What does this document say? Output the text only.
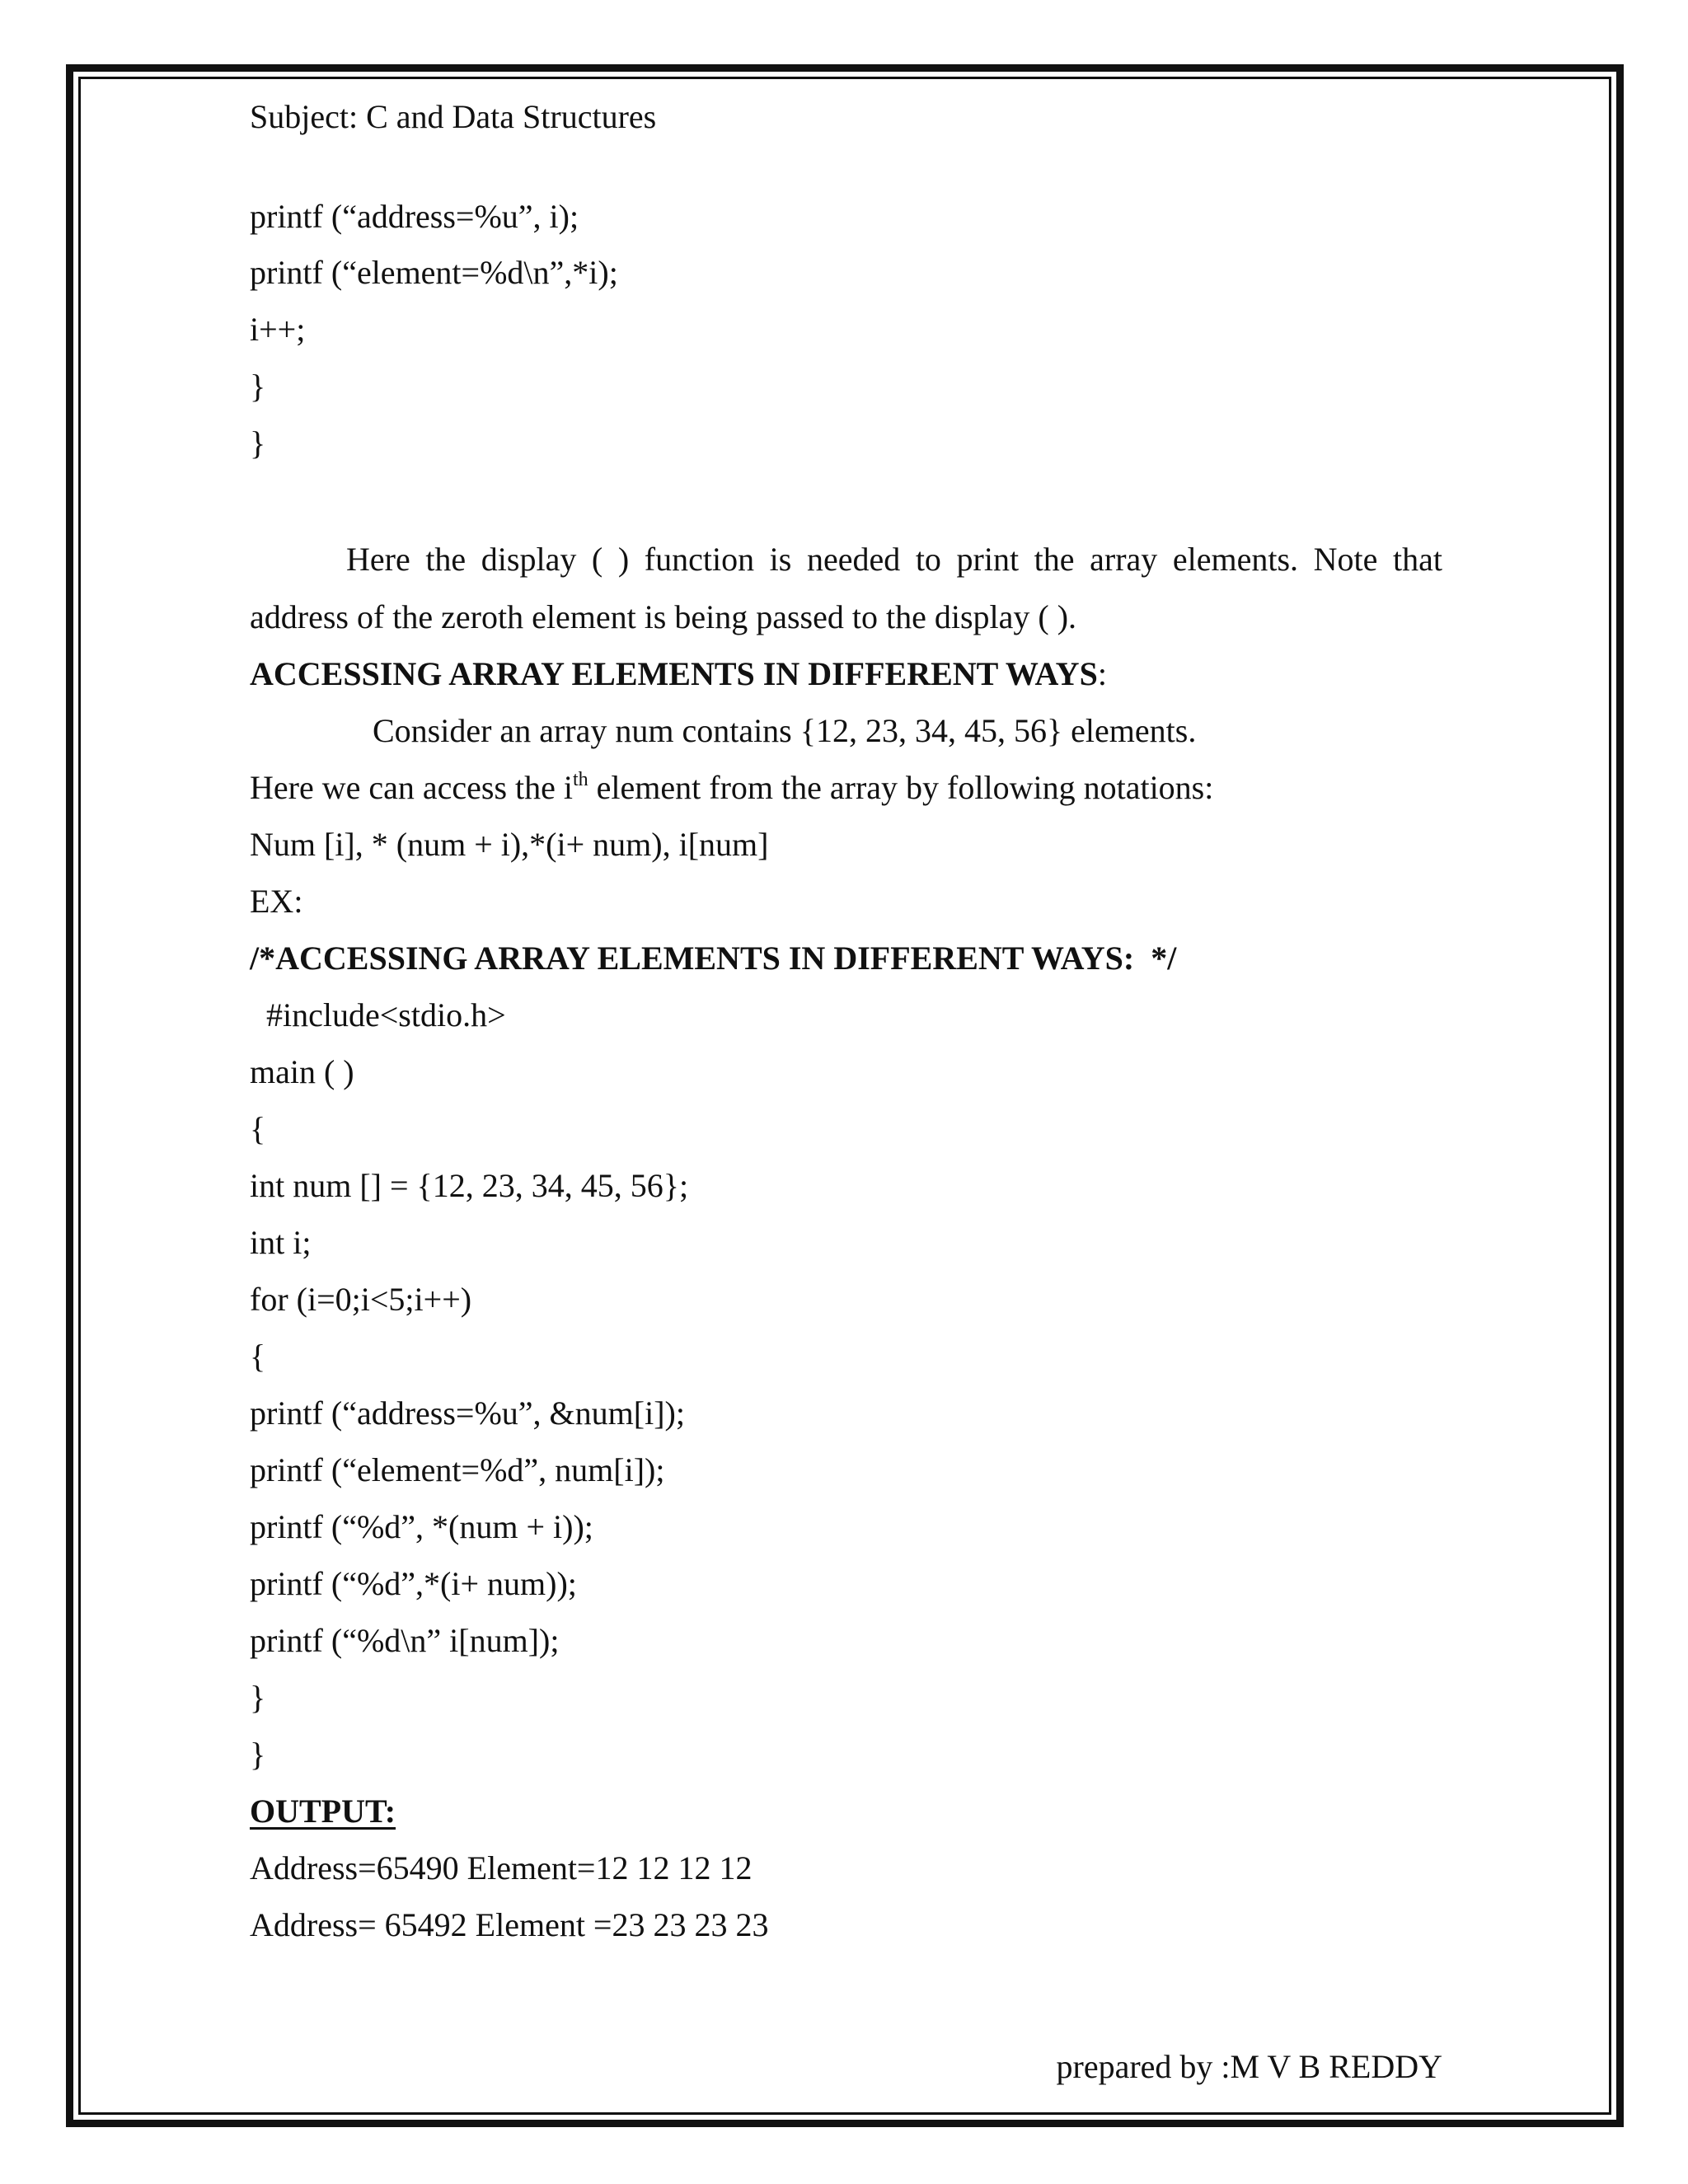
Subject: C and Data Structures
printf (“address=%u”, i);
printf (“element=%d\n”,*i);
i++;
}
}
Here the display ( ) function is needed to print the array elements. Note that
address of the zeroth element is being passed to the display ( ).
ACCESSING ARRAY ELEMENTS IN DIFFERENT WAYS:
Consider an array num contains {12, 23, 34, 45, 56} elements.
Here we can access the $i^{th}$ element from the array by following notations:
Num [i], * (num + i),*(i+ num), i[num]
EX:
/*ACCESSING ARRAY ELEMENTS IN DIFFERENT WAYS:  */
#include<stdio.h>
main ( )
{
int num [] = {12, 23, 34, 45, 56};
int i;
for (i=0;i<5;i++)
{
printf (“address=%u”, &num[i]);
printf (“element=%d”, num[i]);
printf (“%d”, *(num + i));
printf (“%d”,*(i+ num));
printf (“%d\n” i[num]);
}
}
OUTPUT:
Address=65490 Element=12 12 12 12
Address= 65492 Element =23 23 23 23
prepared by :M V B REDDY
